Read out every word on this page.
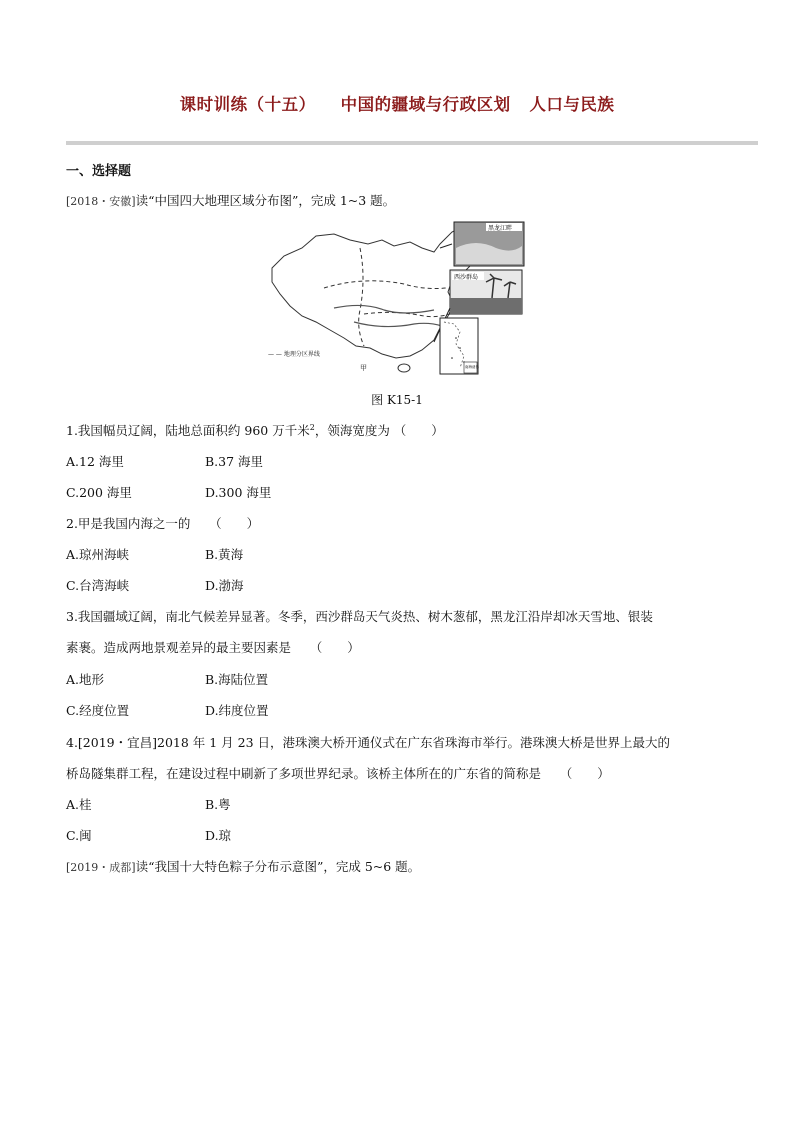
课时训练（十五）    中国的疆域与行政区划   人口与民族
一、选择题
[2018・安徽]读“中国四大地理区域分布图”，完成 1~3 题。
— — 地理分区界线
甲
黑龙江畔
西沙群岛
南海诸岛
图 K15-1
1.我国幅员辽阔，陆地总面积约 960 万千米$^2$，领海宽度为 （　　）
A.12 海里	B.37 海里
C.200 海里	D.300 海里
2.甲是我国内海之一的　　（　　）
A.琼州海峡	B.黄海
C.台湾海峡	D.渤海
3.我国疆域辽阔，南北气候差异显著。冬季，西沙群岛天气炎热、树木葱郁，黑龙江沿岸却冰天雪地、银装
素裹。造成两地景观差异的最主要因素是　　（　　）
A.地形	B.海陆位置
C.经度位置	D.纬度位置
4.[2019・宜昌]2018 年 1 月 23 日，港珠澳大桥开通仪式在广东省珠海市举行。港珠澳大桥是世界上最大的
桥岛隧集群工程，在建设过程中刷新了多项世界纪录。该桥主体所在的广东省的简称是　　（　　）
A.桂	B.粤
C.闽	D.琼
[2019・成都]读“我国十大特色粽子分布示意图”，完成 5~6 题。
